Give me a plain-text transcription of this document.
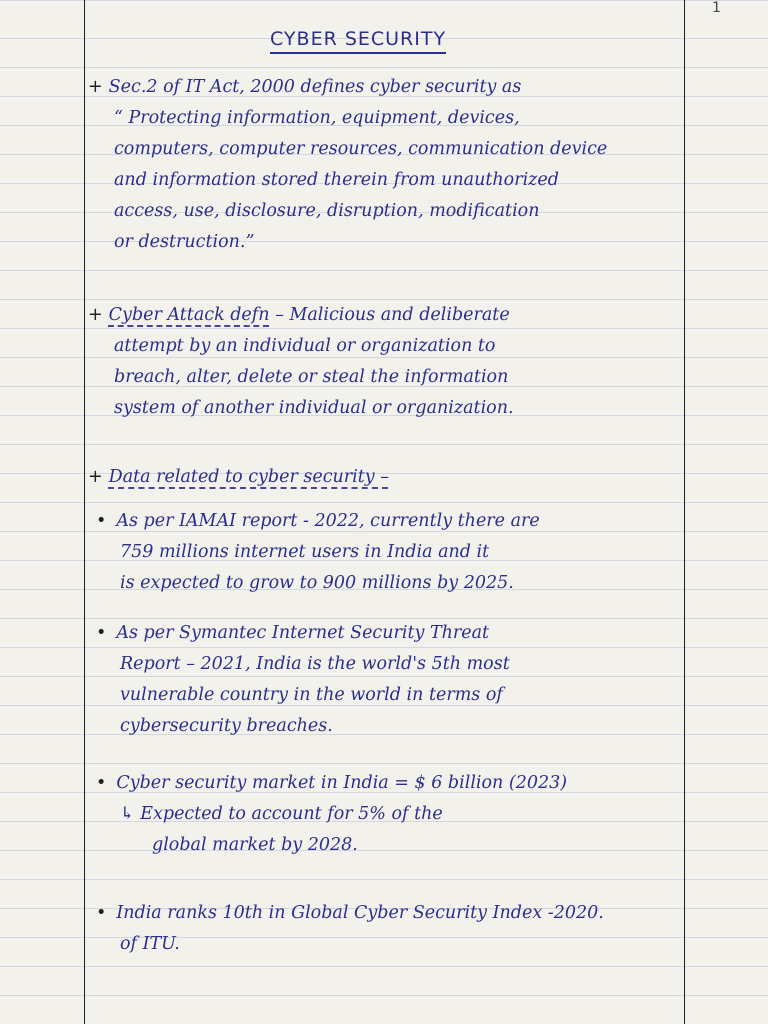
1
CYBER SECURITY

+ Sec.2 of IT Act, 2000 defines cyber security as

“ Protecting information, equipment, devices,

computers, computer resources, communication device

and information stored therein from unauthorized

access, use, disclosure, disruption, modification

or destruction.”

+ Cyber Attack defn – Malicious and deliberate

attempt by an individual or organization to

breach, alter, delete or steal the information

system of another individual or organization.

+ Data related to cyber security –

• As per IAMAI report - 2022, currently there are

759 millions internet users in India and it

is expected to grow to 900 millions by 2025.

• As per Symantec Internet Security Threat

Report – 2021, India is the world's 5th most

vulnerable country in the world in terms of

cybersecurity breaches.

• Cyber security market in India = $ 6 billion (2023)

↳ Expected to account for 5% of the

global market by 2028.

• India ranks 10th in Global Cyber Security Index -2020.

of ITU.
